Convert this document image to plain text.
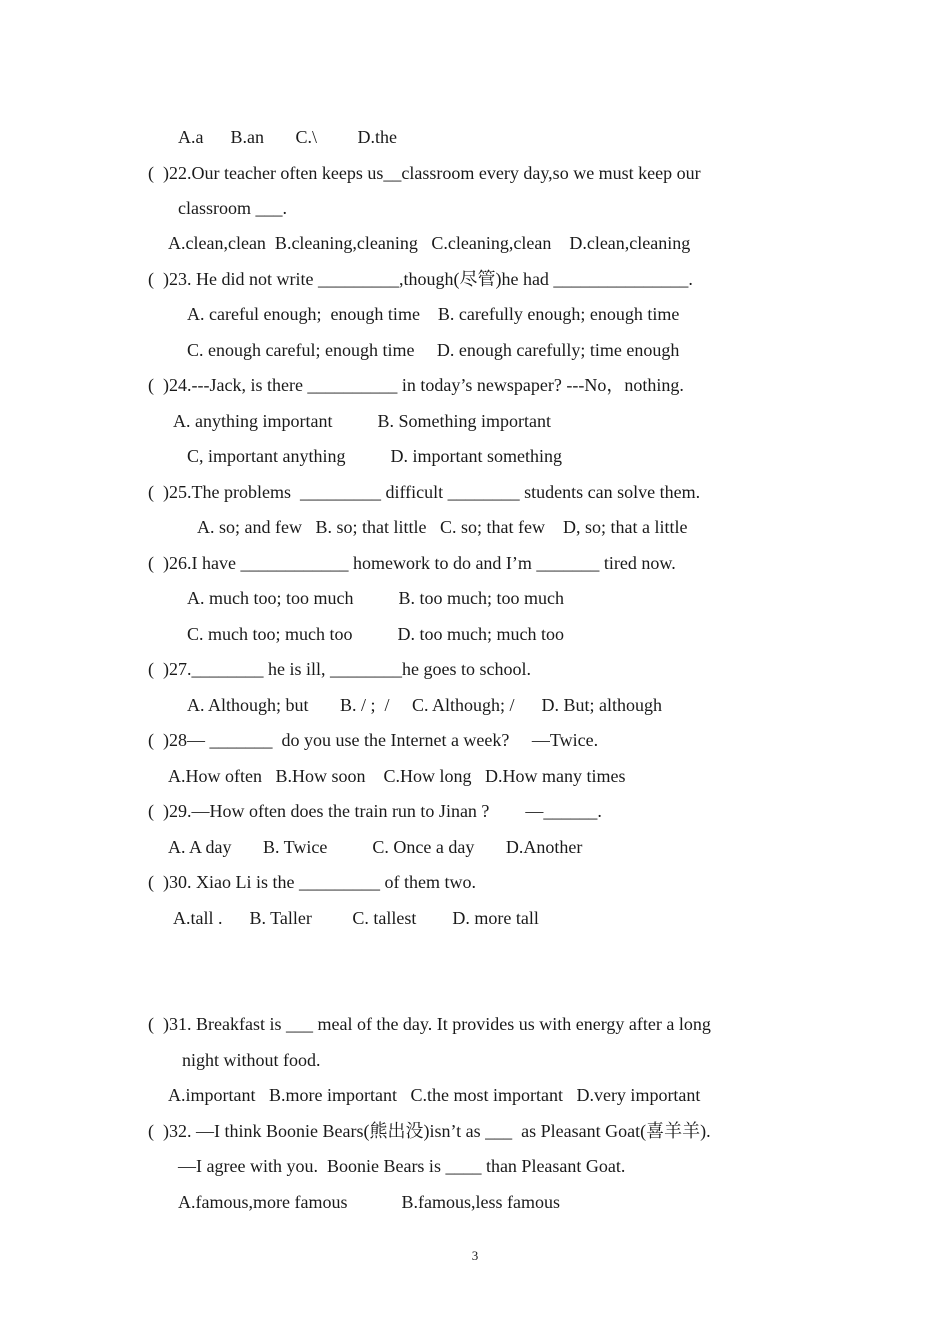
A.a      B.an       C.\         D.the
(  )22.Our teacher often keeps us__classroom every day,so we must keep our
classroom ___.
A.clean,clean  B.cleaning,cleaning   C.cleaning,clean    D.clean,cleaning
(  )23. He did not write _________,though(尽管)he had _______________.
A. careful enough;  enough time    B. carefully enough; enough time
C. enough careful; enough time     D. enough carefully; time enough
(  )24.---Jack, is there __________ in today’s newspaper? ---No，nothing.
A. anything important          B. Something important
C, important anything          D. important something
(  )25.The problems  _________ difficult ________ students can solve them.
A. so; and few   B. so; that little   C. so; that few    D, so; that a little
(  )26.I have ____________ homework to do and I’m _______ tired now.
A. much too; too much          B. too much; too much
C. much too; much too          D. too much; much too
(  )27.________ he is ill, ________he goes to school.
A. Although; but       B. / ;  /     C. Although; /      D. But; although
(  )28— _______  do you use the Internet a week?     —Twice.
A.How often   B.How soon    C.How long   D.How many times
(  )29.—How often does the train run to Jinan ?        —______.
A. A day       B. Twice          C. Once a day       D.Another
(  )30. Xiao Li is the _________ of them two.
A.tall .      B. Taller         C. tallest        D. more tall
(  )31. Breakfast is ___ meal of the day. It provides us with energy after a long
night without food.
A.important   B.more important   C.the most important   D.very important
(  )32. —I think Boonie Bears(熊出没)isn’t as ___  as Pleasant Goat(喜羊羊).
—I agree with you.  Boonie Bears is ____ than Pleasant Goat.
A.famous,more famous            B.famous,less famous
3
